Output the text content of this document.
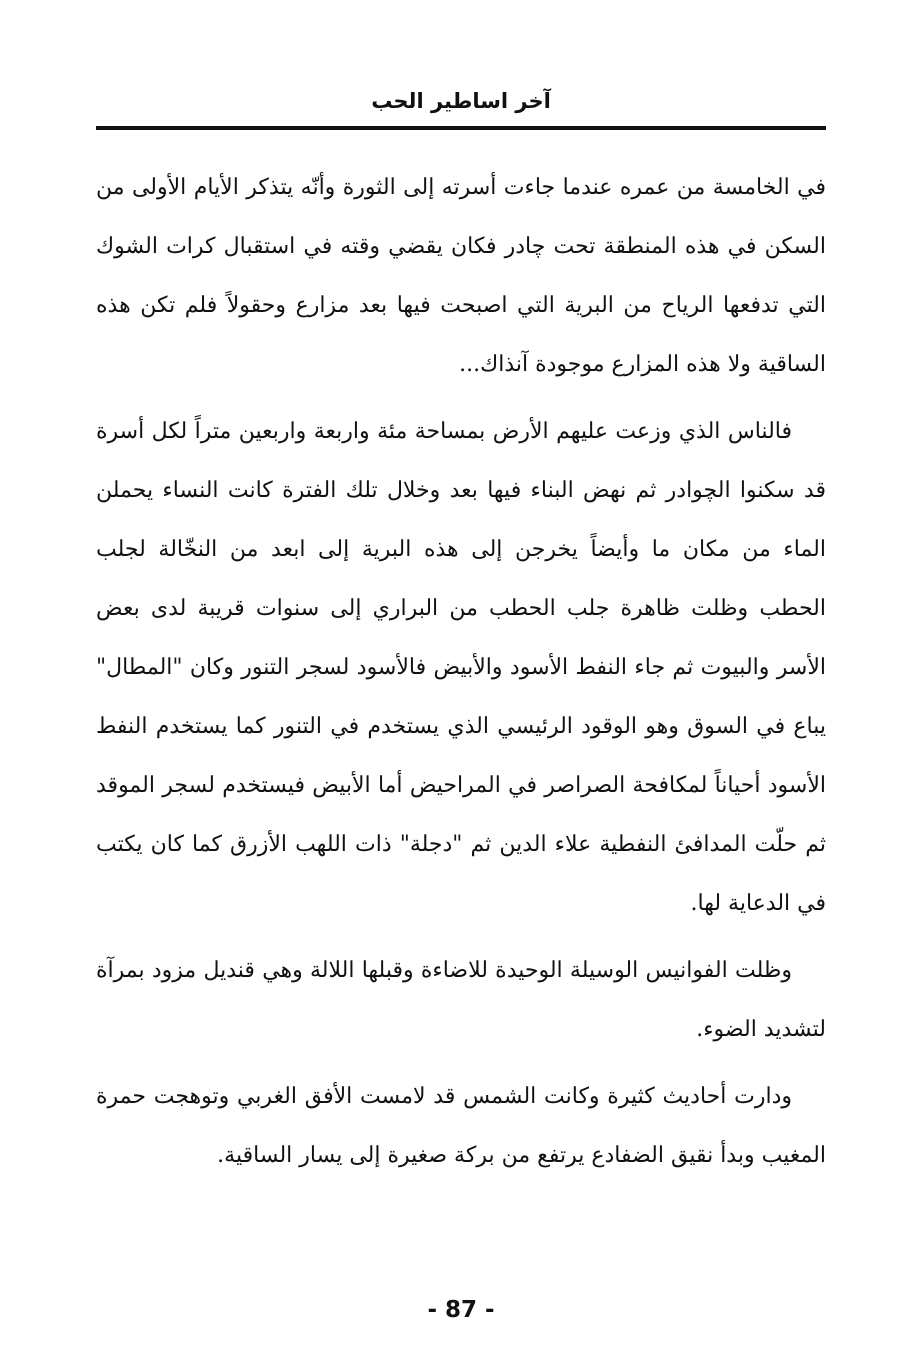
آخر اساطير الحب

في الخامسة من عمره عندما جاءت أسرته إلى الثورة وأنّه يتذكر الأيام الأولى من السكن في هذه المنطقة تحت چادر فكان يقضي وقته في استقبال كرات الشوك التي تدفعها الرياح من البرية التي اصبحت فيها بعد مزارع وحقولاً فلم تكن هذه الساقية ولا هذه المزارع موجودة آنذاك...

فالناس الذي وزعت عليهم الأرض بمساحة مئة واربعة واربعين متراً لكل أسرة قد سكنوا الچوادر ثم نهض البناء فيها بعد وخلال تلك الفترة كانت النساء يحملن الماء من مكان ما وأيضاً يخرجن إلى هذه البرية إلى ابعد من النخّالة لجلب الحطب وظلت ظاهرة جلب الحطب من البراري إلى سنوات قريبة لدى بعض الأسر والبيوت ثم جاء النفط الأسود والأبيض فالأسود لسجر التنور وكان "المطال" يباع في السوق وهو الوقود الرئيسي الذي يستخدم في التنور كما يستخدم النفط الأسود أحياناً لمكافحة الصراصر في المراحيض أما الأبيض فيستخدم لسجر الموقد ثم حلّت المدافئ النفطية علاء الدين ثم "دجلة" ذات اللهب الأزرق كما كان يكتب في الدعاية لها.

وظلت الفوانيس الوسيلة الوحيدة للاضاءة وقبلها اللالة وهي قنديل مزود بمرآة لتشديد الضوء.

ودارت أحاديث كثيرة وكانت الشمس قد لامست الأفق الغربي وتوهجت حمرة المغيب وبدأ نقيق الضفادع يرتفع من بركة صغيرة إلى يسار الساقية.

- 87 -
